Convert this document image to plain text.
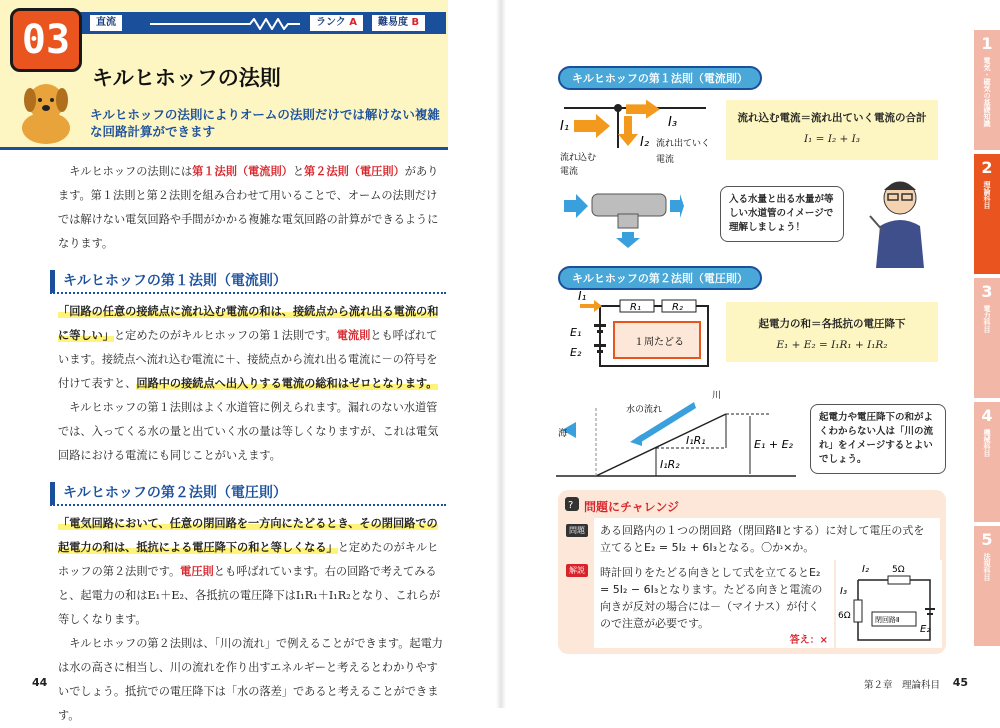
直流	ランク A	難易度 B
03
キルヒホッフの法則
キルヒホッフの法則によりオームの法則だけでは解けない複雑な回路計算ができます

キルヒホッフの法則には第１法則（電流則）と第２法則（電圧則）があります。第１法則と第２法則を組み合わせて用いることで、オームの法則だけでは解けない電気回路や手間がかかる複雑な電気回路の計算ができるようになります。

キルヒホッフの第１法則（電流則）

「回路の任意の接続点に流れ込む電流の和は、接続点から流れ出る電流の和に等しい」と定めたのがキルヒホッフの第１法則です。電流則とも呼ばれています。接続点へ流れ込む電流に＋、接続点から流れ出る電流に－の符号を付けて表すと、回路中の接続点へ出入りする電流の総和はゼロとなります。

キルヒホッフの第１法則はよく水道管に例えられます。漏れのない水道管では、入ってくる水の量と出ていく水の量は等しくなりますが、これは電気回路における電流にも同じことがいえます。

キルヒホッフの第２法則（電圧則）

「電気回路において、任意の閉回路を一方向にたどるとき、その閉回路での起電力の和は、抵抗による電圧降下の和と等しくなる」と定めたのがキルヒホッフの第２法則です。電圧則とも呼ばれています。右の回路で考えてみると、起電力の和はE₁＋E₂、各抵抗の電圧降下はI₁R₁＋I₁R₂となり、これらが等しくなります。

キルヒホッフの第２法則は、「川の流れ」で例えることができます。起電力は水の高さに相当し、川の流れを作り出すエネルギーと考えるとわかりやすいでしょう。抵抗での電圧降下は「水の落差」であると考えることができます。

44
キルヒホッフの第１法則（電流則）
I₁	I₃
I₂
流れ込む
電流
流れ出ていく
電流
流れ込む電流＝流れ出ていく電流の合計
I₁ = I₂ + I₃
入る水量と出る水量が等しい水道管のイメージで理解しましょう！
キルヒホッフの第２法則（電圧則）
R₁	R₂
I₁
E₁
E₂
１周たどる
起電力の和＝各抵抗の電圧降下
E₁ + E₂ = I₁R₁ + I₁R₂
川
水の流れ
海	I₁R₁
I₁R₂
E₁ + E₂
起電力や電圧降下の和がよくわからない人は「川の流れ」をイメージするとよいでしょう。
? 問題にチャレンジ
問題	ある回路内の１つの閉回路（閉回路Ⅱとする）に対して電圧の式を立てるとE₂ = 5I₂ + 6I₃となる。〇か×か。
解説	時計回りをたどる向きとして式を立てるとE₂ = 5I₂ − 6I₃となります。たどる向きと電流の向きが反対の場合には－（マイナス）が付くので注意が必要です。
答え：×
I₂
I₃
5Ω
6Ω	閉回路Ⅱ
E₂
1
電気・磁気の基礎知識
2
理論科目
3
電力科目
4
機械科目
5
法規科目
第２章　理論科目 45
